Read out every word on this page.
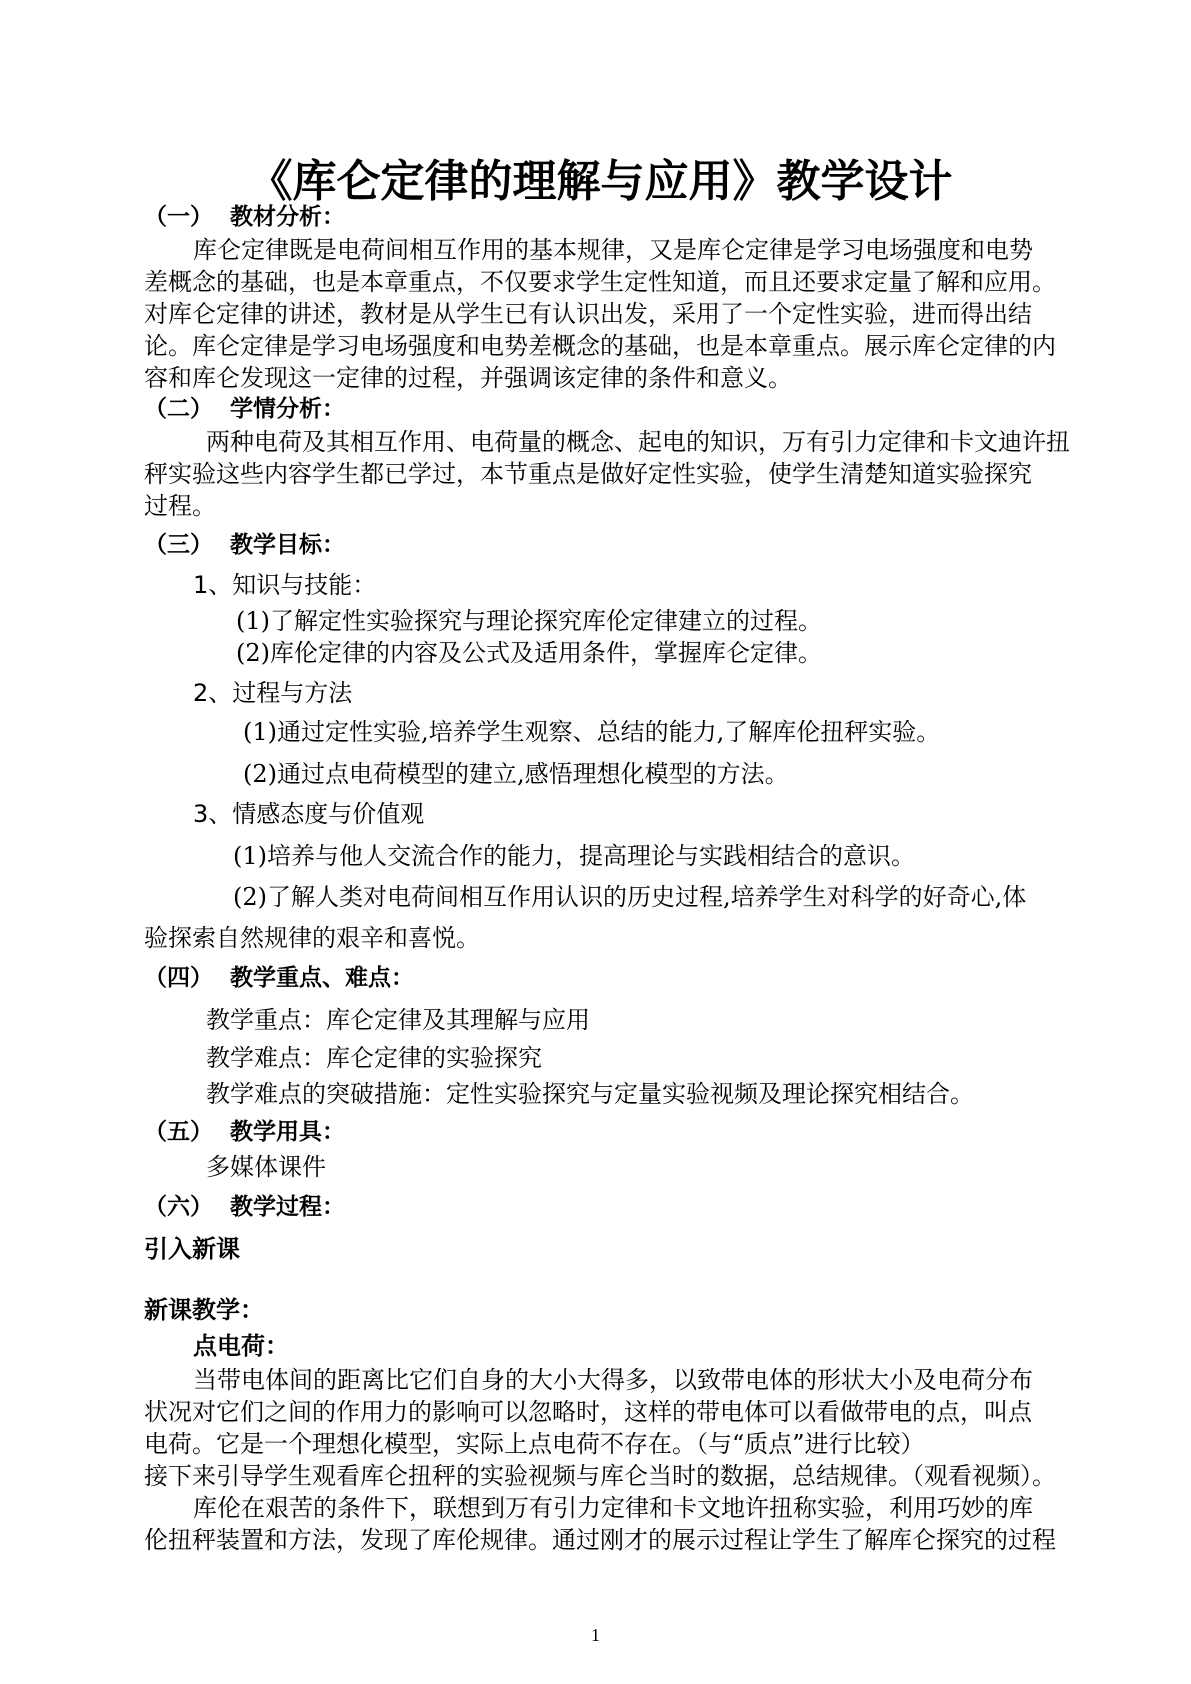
《库仑定律的理解与应用》教学设计
（一） 教材分析：
库仑定律既是电荷间相互作用的基本规律，又是库仑定律是学习电场强度和电势
差概念的基础，也是本章重点，不仅要求学生定性知道，而且还要求定量了解和应用。
对库仑定律的讲述，教材是从学生已有认识出发，采用了一个定性实验，进而得出结
论。库仑定律是学习电场强度和电势差概念的基础，也是本章重点。展示库仑定律的内
容和库仑发现这一定律的过程，并强调该定律的条件和意义。
（二） 学情分析：
两种电荷及其相互作用、电荷量的概念、起电的知识，万有引力定律和卡文迪许扭
秤实验这些内容学生都已学过，本节重点是做好定性实验，使学生清楚知道实验探究
过程。
（三） 教学目标：
1、知识与技能：
(1)了解定性实验探究与理论探究库伦定律建立的过程。
(2)库伦定律的内容及公式及适用条件，掌握库仑定律。
2、过程与方法
(1)通过定性实验,培养学生观察、总结的能力,了解库伦扭秤实验。
(2)通过点电荷模型的建立,感悟理想化模型的方法。
3、情感态度与价值观
(1)培养与他人交流合作的能力，提高理论与实践相结合的意识。
(2)了解人类对电荷间相互作用认识的历史过程,培养学生对科学的好奇心,体
验探索自然规律的艰辛和喜悦。
（四） 教学重点、难点：
教学重点：库仑定律及其理解与应用
教学难点：库仑定律的实验探究
教学难点的突破措施：定性实验探究与定量实验视频及理论探究相结合。
（五） 教学用具：
多媒体课件
（六） 教学过程：
引入新课
新课教学：
点电荷：
当带电体间的距离比它们自身的大小大得多，以致带电体的形状大小及电荷分布
状况对它们之间的作用力的影响可以忽略时，这样的带电体可以看做带电的点，叫点
电荷。它是一个理想化模型，实际上点电荷不存在。（与“质点”进行比较）
接下来引导学生观看库仑扭秤的实验视频与库仑当时的数据，总结规律。（观看视频）。
库伦在艰苦的条件下，联想到万有引力定律和卡文地许扭称实验，利用巧妙的库
伦扭秤装置和方法，发现了库伦规律。通过刚才的展示过程让学生了解库仑探究的过程
1
